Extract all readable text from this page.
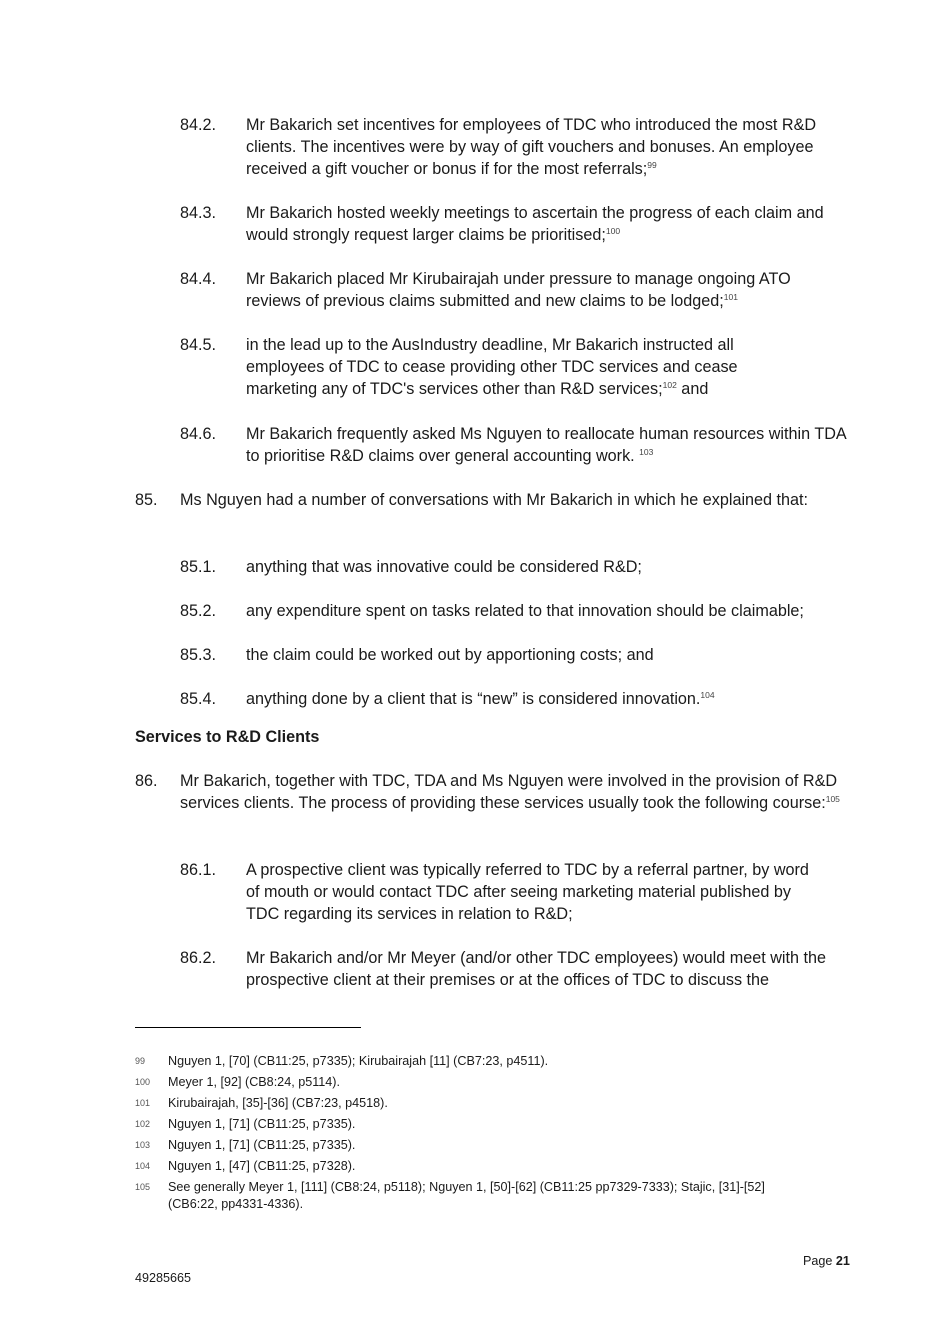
84.2. Mr Bakarich set incentives for employees of TDC who introduced the most R&D clients. The incentives were by way of gift vouchers and bonuses. An employee received a gift voucher or bonus if for the most referrals;$^{99}$
84.3. Mr Bakarich hosted weekly meetings to ascertain the progress of each claim and would strongly request larger claims be prioritised;$^{100}$
84.4. Mr Bakarich placed Mr Kirubairajah under pressure to manage ongoing ATO reviews of previous claims submitted and new claims to be lodged;$^{101}$
84.5. in the lead up to the AusIndustry deadline, Mr Bakarich instructed all employees of TDC to cease providing other TDC services and cease marketing any of TDC's services other than R&D services;$^{102}$ and
84.6. Mr Bakarich frequently asked Ms Nguyen to reallocate human resources within TDA to prioritise R&D claims over general accounting work. $^{103}$
85. Ms Nguyen had a number of conversations with Mr Bakarich in which he explained that:
85.1. anything that was innovative could be considered R&D;
85.2. any expenditure spent on tasks related to that innovation should be claimable;
85.3. the claim could be worked out by apportioning costs; and
85.4. anything done by a client that is “new” is considered innovation.$^{104}$
Services to R&D Clients
86. Mr Bakarich, together with TDC, TDA and Ms Nguyen were involved in the provision of R&D services clients. The process of providing these services usually took the following course:$^{105}$
86.1. A prospective client was typically referred to TDC by a referral partner, by word of mouth or would contact TDC after seeing marketing material published by TDC regarding its services in relation to R&D;
86.2. Mr Bakarich and/or Mr Meyer (and/or other TDC employees) would meet with the prospective client at their premises or at the offices of TDC to discuss the
99 Nguyen 1, [70] (CB11:25, p7335); Kirubairajah [11] (CB7:23, p4511).
100 Meyer 1, [92] (CB8:24, p5114).
101 Kirubairajah, [35]-[36] (CB7:23, p4518).
102 Nguyen 1, [71] (CB11:25, p7335).
103 Nguyen 1, [71] (CB11:25, p7335).
104 Nguyen 1, [47] (CB11:25, p7328).
105 See generally Meyer 1, [111] (CB8:24, p5118); Nguyen 1, [50]-[62] (CB11:25 pp7329-7333); Stajic, [31]-[52] (CB6:22, pp4331-4336).
Page 21
49285665
